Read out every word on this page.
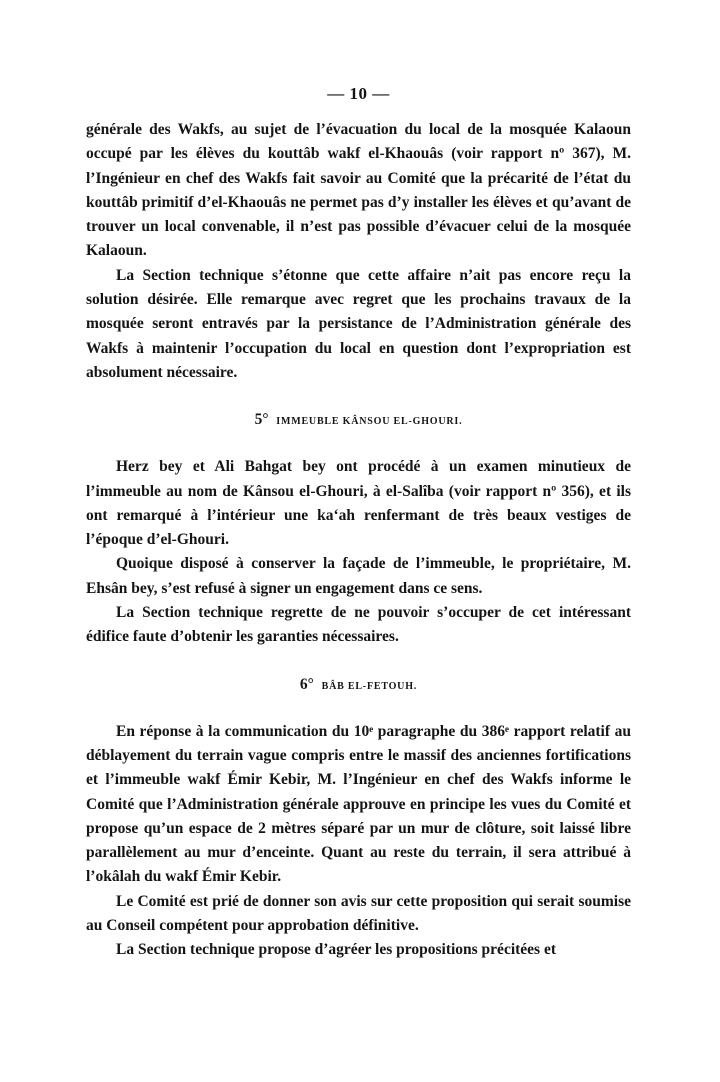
— 10 —

générale des Wakfs, au sujet de l’évacuation du local de la mosquée Kalaoun occupé par les élèves du kouttâb wakf el-Khaouâs (voir rapport nº 367), M. l’Ingénieur en chef des Wakfs fait savoir au Comité que la précarité de l’état du kouttâb primitif d’el-Khaouâs ne permet pas d’y installer les élèves et qu’avant de trouver un local convenable, il n’est pas possible d’évacuer celui de la mosquée Kalaoun.

La Section technique s’étonne que cette affaire n’ait pas encore reçu la solution désirée. Elle remarque avec regret que les prochains travaux de la mosquée seront entravés par la persistance de l’Administration générale des Wakfs à maintenir l’occupation du local en question dont l’expropriation est absolument nécessaire.

5° IMMEUBLE KÂNSOU EL-GHOURI.

Herz bey et Ali Bahgat bey ont procédé à un examen minutieux de l’immeuble au nom de Kânsou el-Ghouri, à el-Salîba (voir rapport nº 356), et ils ont remarqué à l’intérieur une ka‘ah renfermant de très beaux vestiges de l’époque d’el-Ghouri.

Quoique disposé à conserver la façade de l’immeuble, le propriétaire, M. Ehsân bey, s’est refusé à signer un engagement dans ce sens.

La Section technique regrette de ne pouvoir s’occuper de cet intéressant édifice faute d’obtenir les garanties nécessaires.

6° BÂB EL-FETOUH.

En réponse à la communication du 10ᵉ paragraphe du 386ᵉ rapport relatif au déblayement du terrain vague compris entre le massif des anciennes fortifications et l’immeuble wakf Émir Kebir, M. l’Ingénieur en chef des Wakfs informe le Comité que l’Administration générale approuve en principe les vues du Comité et propose qu’un espace de 2 mètres séparé par un mur de clôture, soit laissé libre parallèlement au mur d’enceinte. Quant au reste du terrain, il sera attribué à l’okâlah du wakf Émir Kebir.

Le Comité est prié de donner son avis sur cette proposition qui serait soumise au Conseil compétent pour approbation définitive.

La Section technique propose d’agréer les propositions précitées et
